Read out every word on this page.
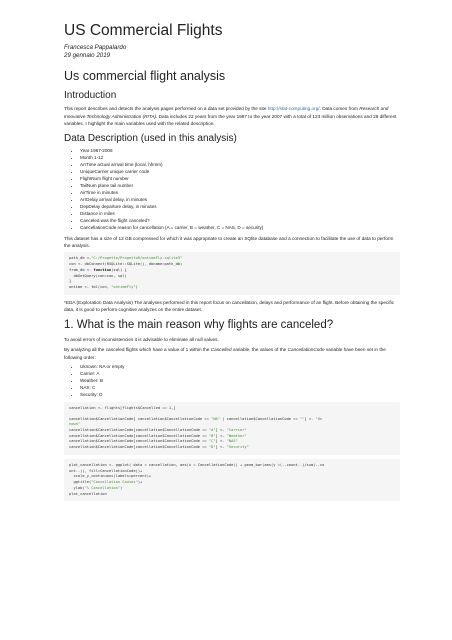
US Commercial Flights
Francesca Pappalardo
29 gennaio 2019
Us commercial flight analysis
Introduction

This report describes and detects the analysis pages performed on a data set provided by the site http://stat-computing.org/. Data comes from Research and Innovative Technology Administration (RITA). Data includes 22 years from the year 1987 to the year 2007 with a total of 123 million observations and 29 different variables. I highlight the main variables used with the related description.

Data Description (used in this analysis)
• Year 1987-2008
• Month 1-12
• ArrTime actual arrival time (local, hhmm)
• UniqueCarrier unique carrier code
• FlightNum flight number
• TailNum plane tail number
• AirTime in minutes
• ArrDelay arrival delay, in minutes
• DepDelay departure delay, in minutes
• Distance in miles
• Canceled was the flight canceled?
• CancellationCode reason for cancellation (A = carrier, B = weather, C = NAS, D = security)

This dataset has a size of 12 GB compressed for which it was appropriate to create an SQlite database and a connection to facilitate the use of data to perform the analysis.

path_db <-"C:/Progetto/ProgettoR/ontimeFly.sqlite3"
con <- dbConnect(RSQLite::SQLite(), dbname=path_db)
from_db <- function(sql) {
dbGetQuery(con=con, sql)
}
ontime <- tbl(con, "ontimeFly")

*EDA (Exploration Data Analysis) The analyses performed in this report focus on cancellation, delays and performance of an flight. Before obtaining the specific data, it is good to perform cognitive analyzes on the entire dataset.

1. What is the main reason why flights are canceled?

To avoid errors of inconsistencies it is advisable to eliminate all null values.

By analyzing all the canceled flights which have a value of 1 within the Cancelled variable, the values of the CancellationCode variable have been set in the following order:

• Uknown: NA or empty
• Carrier: A
• Weather: B
• NAS: C
• Security: D
cancellation <- flights[flights$Cancelled == 1,]
cancellation$CancellationCode[ cancellation$CancellationCode == "NA" | cancellation$CancellationCode == ""] <- "Un
nown"
cancellation$CancellationCode[cancellation$CancellationCode == "A"] <- "Carrier"
cancellation$CancellationCode[cancellation$CancellationCode == "B"] <- "Weather"
cancellation$CancellationCode[cancellation$CancellationCode == "C"] <- "NAS"
cancellation$CancellationCode[cancellation$CancellationCode == "D"] <- "Security"
plot_cancellation <- ggplot( data = cancellation, aes(x = CancellationCode)) + geom_bar(aes(y =(..count..)/sum(..co
unt..)), fill=CancellationCode))+
scale_y_continuous(labels=percent)+
ggtitle("Cancellation Causes")+
ylab("% Cancellation")
plot_cancellation
